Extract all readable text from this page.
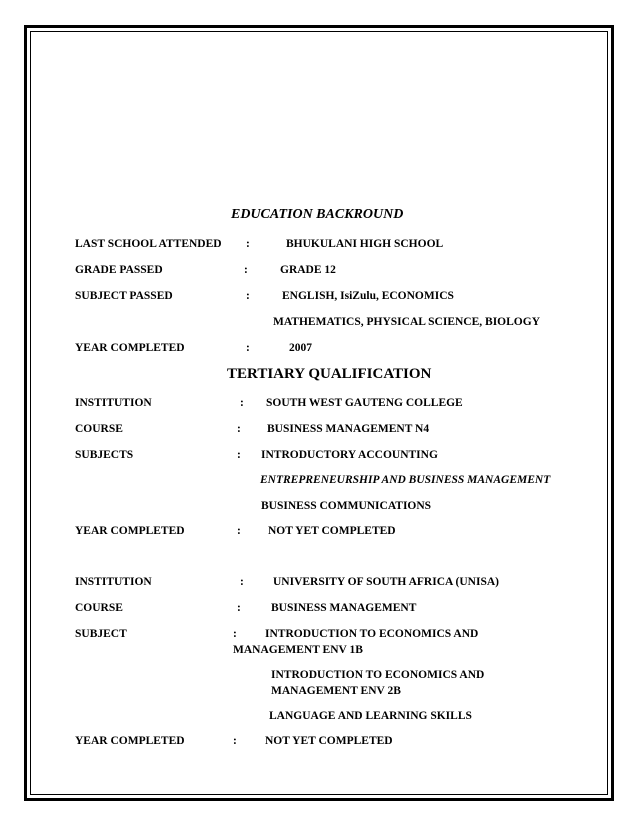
EDUCATION BACKROUND
LAST SCHOOL ATTENDED :	BHUKULANI HIGH SCHOOL
GRADE PASSED	:	GRADE 12
SUBJECT PASSED	:	ENGLISH, IsiZulu, ECONOMICS
MATHEMATICS, PHYSICAL SCIENCE, BIOLOGY
YEAR COMPLETED	:	2007
TERTIARY QUALIFICATION
INSTITUTION	: SOUTH WEST GAUTENG COLLEGE
COURSE	: BUSINESS MANAGEMENT N4
SUBJECTS	: INTRODUCTORY ACCOUNTING
ENTREPRENEURSHIP AND BUSINESS MANAGEMENT
BUSINESS COMMUNICATIONS
YEAR COMPLETED	: NOT YET COMPLETED
INSTITUTION	:	UNIVERSITY OF SOUTH AFRICA (UNISA)
COURSE	:	BUSINESS MANAGEMENT
SUBJECT	: INTRODUCTION TO ECONOMICS AND
MANAGEMENT ENV 1B
INTRODUCTION TO ECONOMICS AND
MANAGEMENT ENV 2B
LANGUAGE AND LEARNING SKILLS
YEAR COMPLETED	: NOT YET COMPLETED
